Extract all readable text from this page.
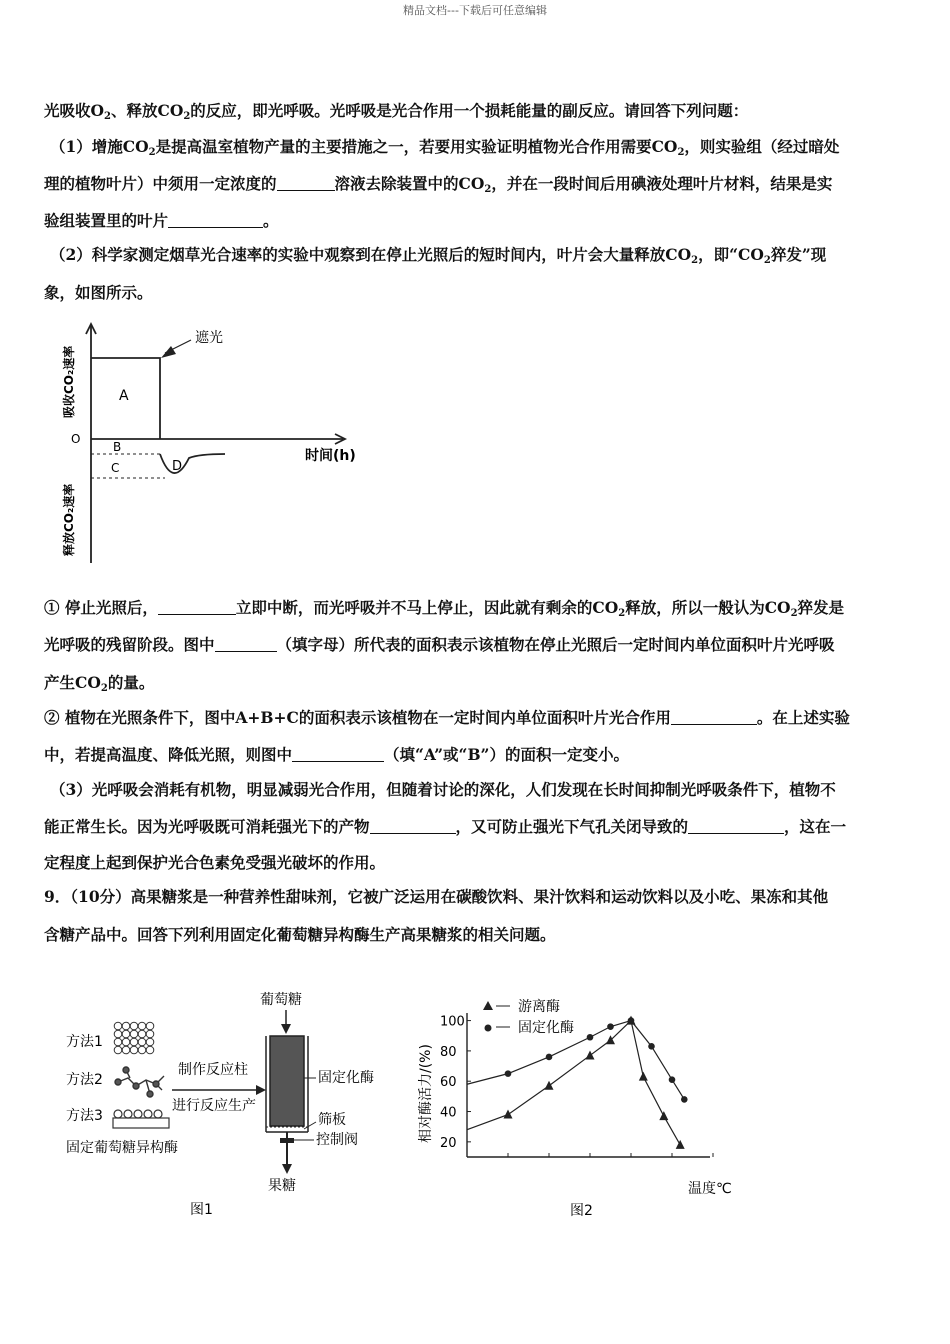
精品文档---下载后可任意编辑
光吸收$O_2$、释放$CO_2$的反应，即光呼吸。光呼吸是光合作用一个损耗能量的副反应。请回答下列问题：
（1）增施$CO_2$是提高温室植物产量的主要措施之一，若要用实验证明植物光合作用需要$CO_2$，则实验组（经过暗处
理的植物叶片）中须用一定浓度的	溶液去除装置中的$CO_2$，并在一段时间后用碘液处理叶片材料，结果是实
验组装置里的叶片	。
（2）科学家测定烟草光合速率的实验中观察到在停止光照后的短时间内，叶片会大量释放$CO_2$，即“$CO_2$猝发”现
象，如图所示。
① 停止光照后，	立即中断，而光呼吸并不马上停止，因此就有剩余的$CO_2$释放，所以一般认为$CO_2$猝发是
光呼吸的残留阶段。图中	（填字母）所代表的面积表示该植物在停止光照后一定时间内单位面积叶片光呼吸
产生$CO_2$的量。
② 植物在光照条件下，图中A+B+C的面积表示该植物在一定时间内单位面积叶片光合作用	。在上述实验
中，若提高温度、降低光照，则图中	（填“A”或“B”）的面积一定变小。
（3）光呼吸会消耗有机物，明显减弱光合作用，但随着讨论的深化，人们发现在长时间抑制光呼吸条件下，植物不
能正常生长。因为光呼吸既可消耗强光下的产物	，又可防止强光下气孔关闭导致的	，这在一
定程度上起到保护光合色素免受强光破坏的作用。
9．（10分）高果糖浆是一种营养性甜味剂，它被广泛运用在碳酸饮料、果汁饮料和运动饮料以及小吃、果冻和其他
含糖产品中。回答下列利用固定化葡萄糖异构酶生产高果糖浆的相关问题。
遮光
A
B
C	D
O
时间(h)
吸收CO₂速率
释放CO₂速率
方法1
方法2
方法3
固定葡萄糖异构酶
制作反应柱
进行反应生产
葡萄糖
固定化酶
筛板
控制阀
果糖
图1
20
40
60
80
100
游离酶
固定化酶
相对酶活力/(%)
温度℃
图2
